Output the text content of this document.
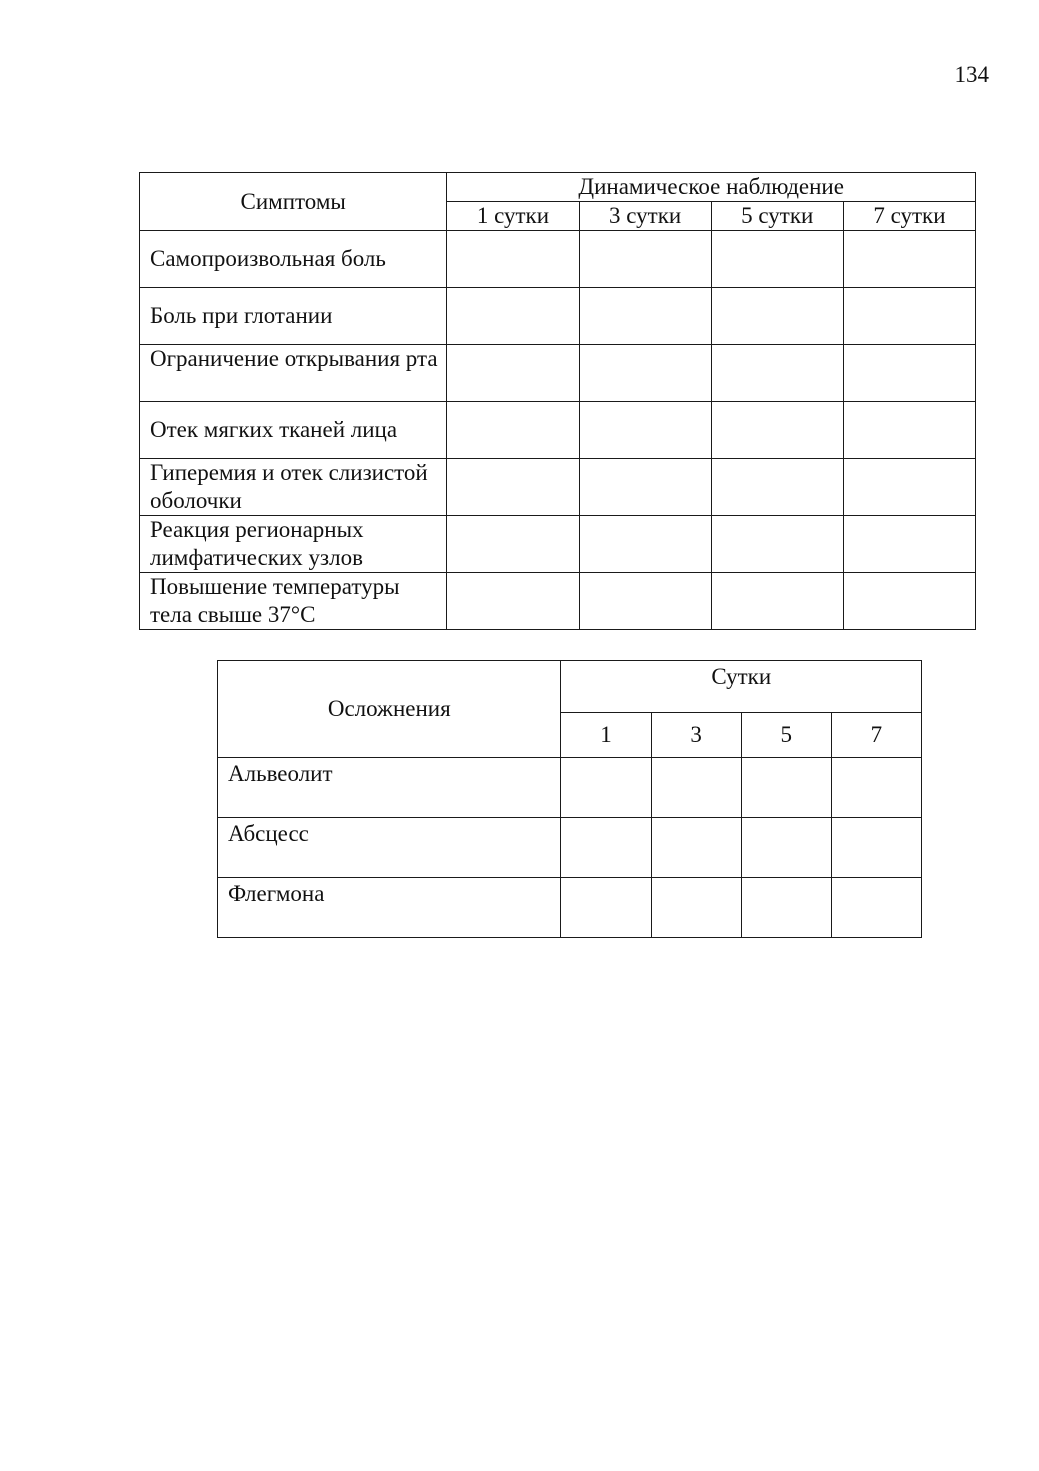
134
Симптомы	Динамическое наблюдение			
	1 сутки	3 сутки	5 сутки	7 сутки
Самопроизвольная боль				
Боль при глотании				
Ограничение открывания рта				
Отек мягких тканей лица				
Гиперемия и отек слизистой оболочки				
Реакция регионарных лимфатических узлов				
Повышение температуры тела свыше 37°С				
Осложнения	Сутки			
	1	3	5	7
Альвеолит				
Абсцесс				
Флегмона				
